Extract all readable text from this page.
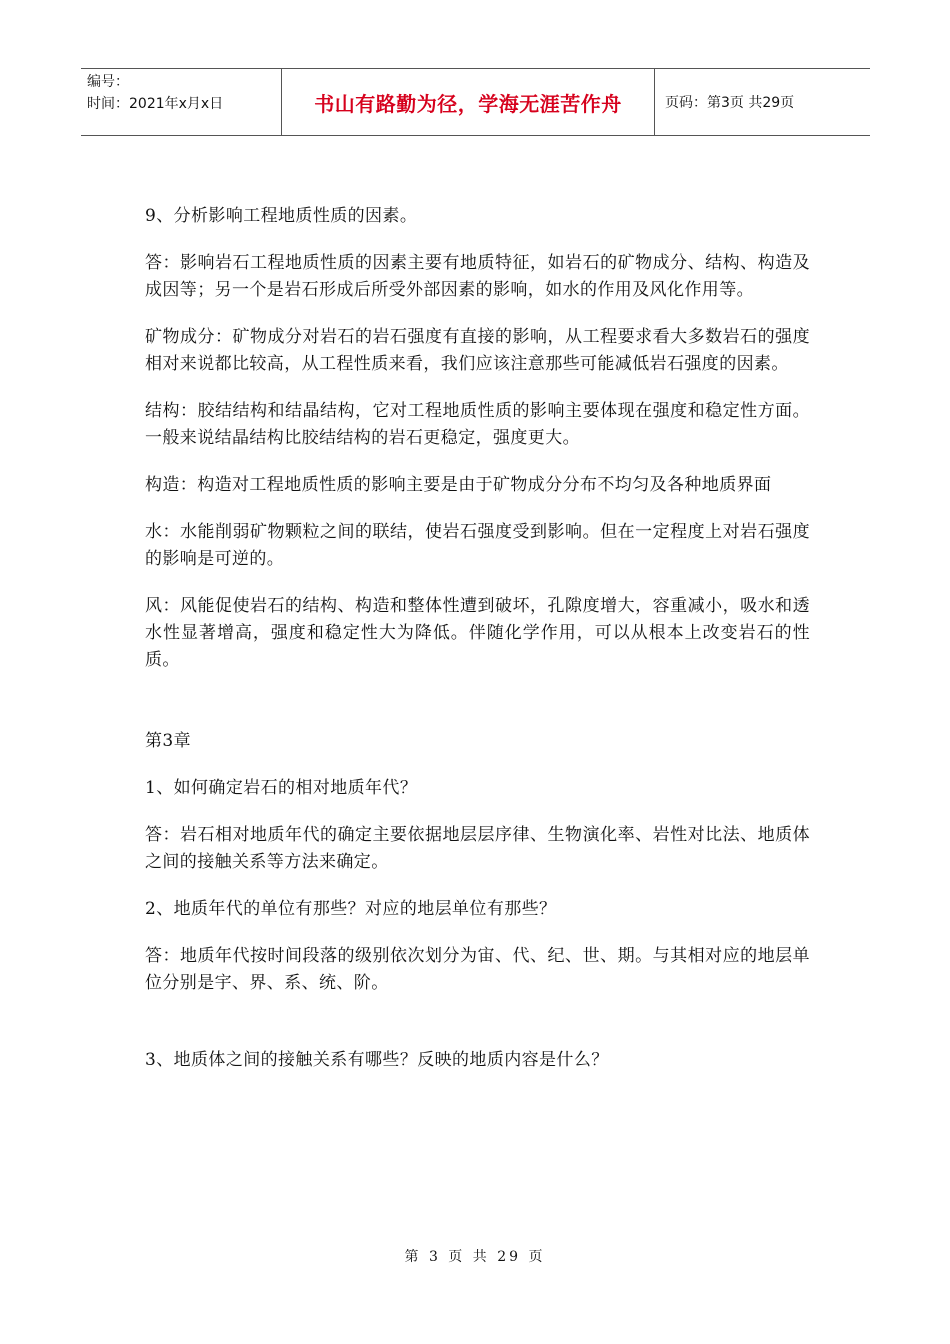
编号：
时间：2021年x月x日	书山有路勤为径，学海无涯苦作舟	页码：第3页 共29页

9、分析影响工程地质性质的因素。

答：影响岩石工程地质性质的因素主要有地质特征，如岩石的矿物成分、结构、构造及成因等；另一个是岩石形成后所受外部因素的影响，如水的作用及风化作用等。

矿物成分：矿物成分对岩石的岩石强度有直接的影响，从工程要求看大多数岩石的强度相对来说都比较高，从工程性质来看，我们应该注意那些可能减低岩石强度的因素。

结构：胶结结构和结晶结构，它对工程地质性质的影响主要体现在强度和稳定性方面。一般来说结晶结构比胶结结构的岩石更稳定，强度更大。

构造：构造对工程地质性质的影响主要是由于矿物成分分布不均匀及各种地质界面

水：水能削弱矿物颗粒之间的联结，使岩石强度受到影响。但在一定程度上对岩石强度的影响是可逆的。

风：风能促使岩石的结构、构造和整体性遭到破坏，孔隙度增大，容重减小，吸水和透水性显著增高，强度和稳定性大为降低。伴随化学作用，可以从根本上改变岩石的性质。

第3章

1、如何确定岩石的相对地质年代？

答：岩石相对地质年代的确定主要依据地层层序律、生物演化率、岩性对比法、地质体之间的接触关系等方法来确定。

2、地质年代的单位有那些？对应的地层单位有那些？

答：地质年代按时间段落的级别依次划分为宙、代、纪、世、期。与其相对应的地层单位分别是宇、界、系、统、阶。

3、地质体之间的接触关系有哪些？反映的地质内容是什么？

第 3 页 共 29 页
